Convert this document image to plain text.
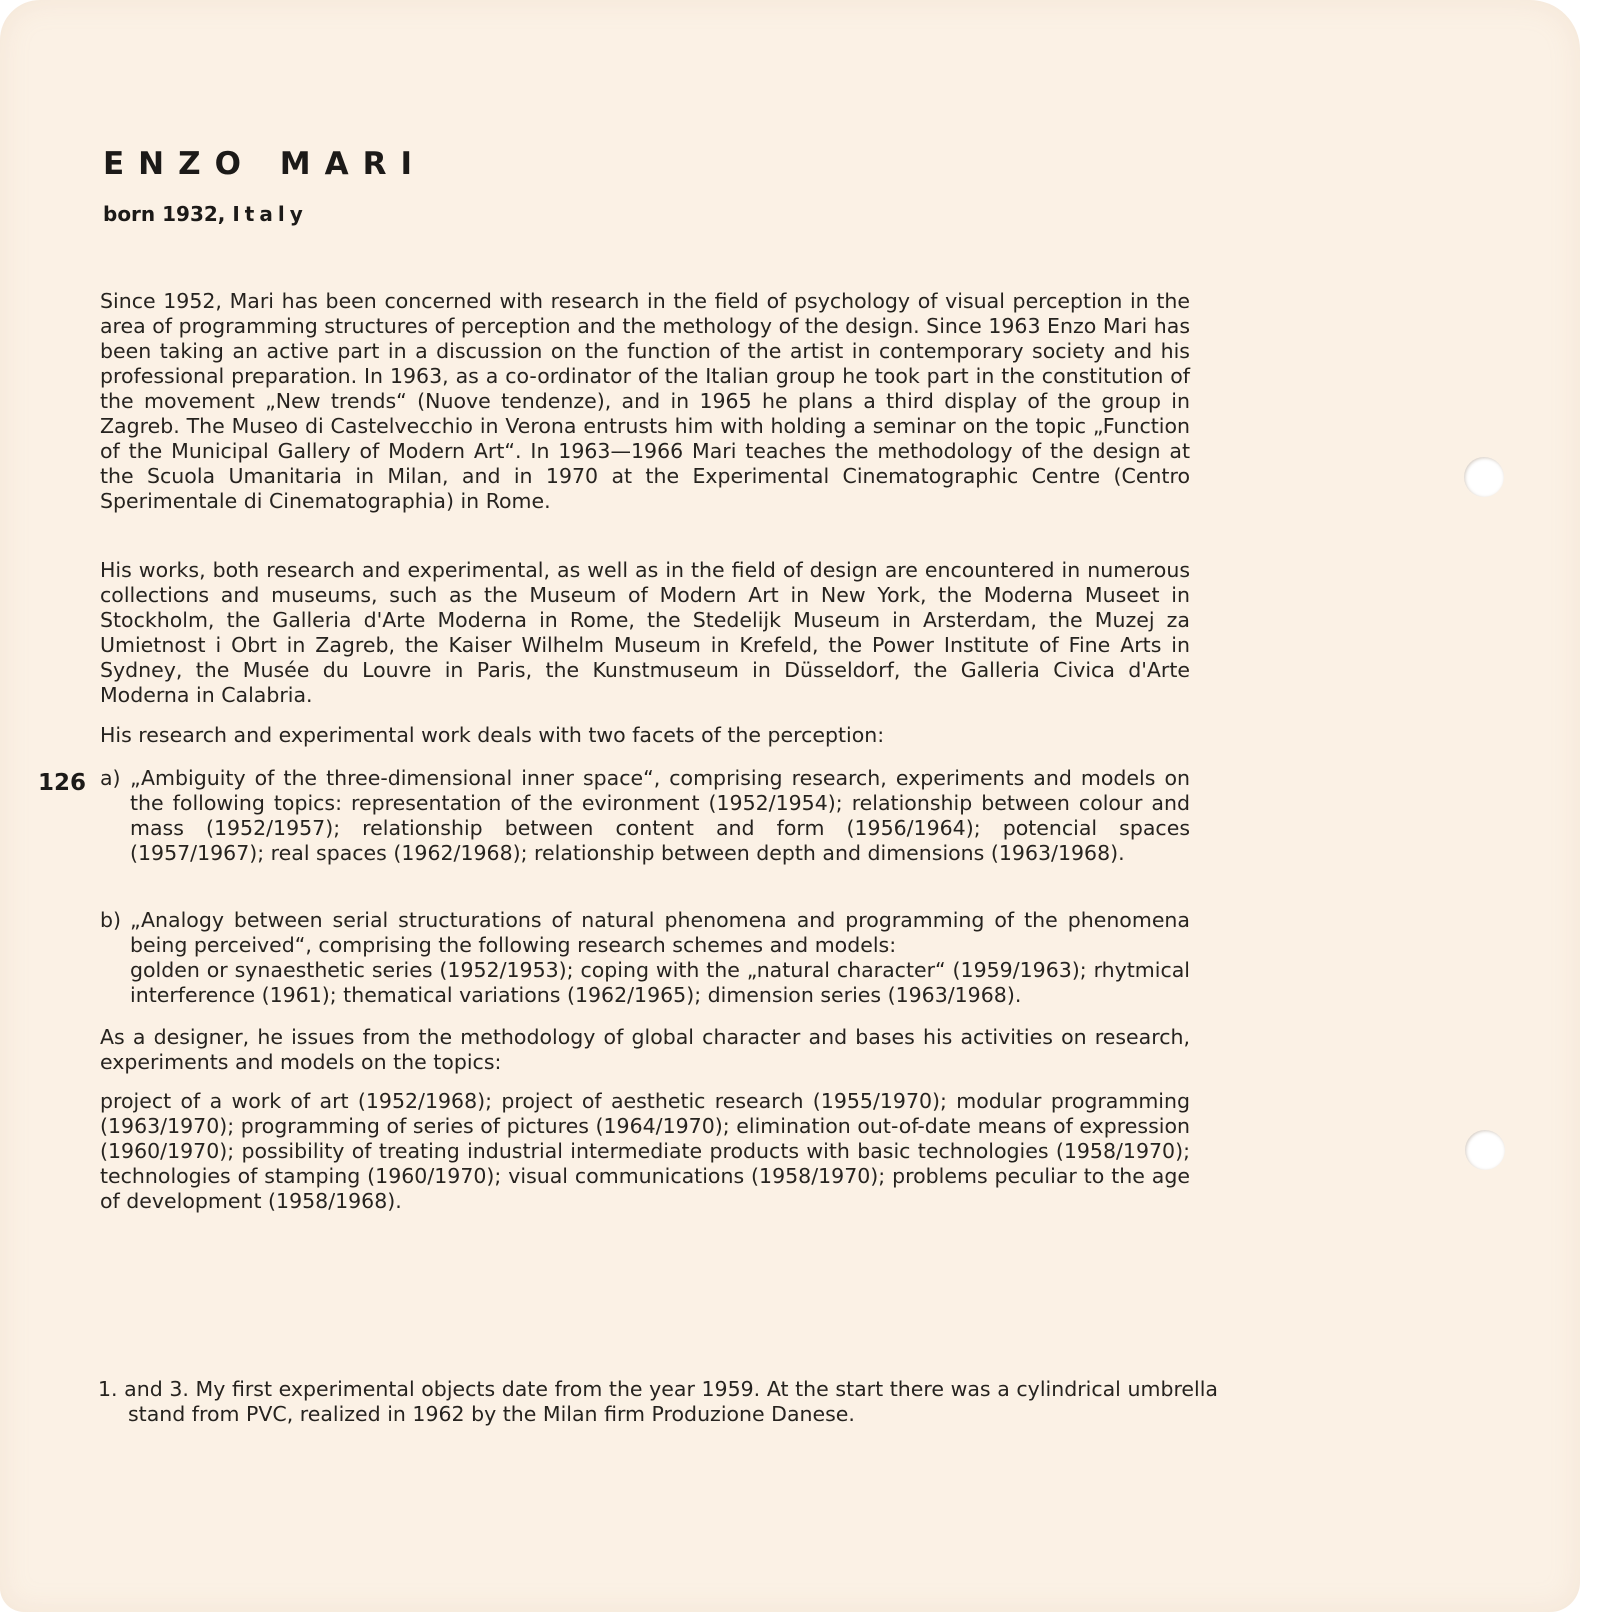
ENZO MARI

born 1932, Italy

Since 1952, Mari has been concerned with research in the field of psychology of visual perception in the area of programming structures of perception and the methology of the design. Since 1963 Enzo Mari has been taking an active part in a discussion on the function of the artist in contemporary society and his professional preparation. In 1963, as a co-ordinator of the Italian group he took part in the constitution of the movement „New trends“ (Nuove tendenze), and in 1965 he plans a third display of the group in Zagreb. The Museo di Castelvecchio in Verona entrusts him with holding a seminar on the topic „Function of the Municipal Gallery of Modern Art“. In 1963—1966 Mari teaches the methodology of the design at the Scuola Umanitaria in Milan, and in 1970 at the Experimental Cinematographic Centre (Centro Sperimentale di Cinematographia) in Rome.

His works, both research and experimental, as well as in the field of design are encountered in numerous collections and museums, such as the Museum of Modern Art in New York, the Moderna Museet in Stockholm, the Galleria d'Arte Moderna in Rome, the Stedelijk Museum in Arsterdam, the Muzej za Umietnost i Obrt in Zagreb, the Kaiser Wilhelm Museum in Krefeld, the Power Institute of Fine Arts in Sydney, the Musée du Louvre in Paris, the Kunstmuseum in Düsseldorf, the Galleria Civica d'Arte Moderna in Calabria.

His research and experimental work deals with two facets of the perception:

126 a) „Ambiguity of the three-dimensional inner space“, comprising research, experiments and models on the following topics: representation of the evironment (1952/1954); relationship between colour and mass (1952/1957); relationship between content and form (1956/1964); potencial spaces (1957/1967); real spaces (1962/1968); relationship between depth and dimensions (1963/1968).
b) „Analogy between serial structurations of natural phenomena and programming of the phenomena being perceived“, comprising the following research schemes and models:
golden or synaesthetic series (1952/1953); coping with the „natural character“ (1959/1963); rhytmical interference (1961); thematical variations (1962/1965); dimension series (1963/1968).

As a designer, he issues from the methodology of global character and bases his activities on research, experiments and models on the topics:

project of a work of art (1952/1968); project of aesthetic research (1955/1970); modular programming (1963/1970); programming of series of pictures (1964/1970); elimination out-of-date means of expression (1960/1970); possibility of treating industrial intermediate products with basic technologies (1958/1970); technologies of stamping (1960/1970); visual communications (1958/1970); problems peculiar to the age of development (1958/1968).

1. and 3. My first experimental objects date from the year 1959. At the start there was a cylindrical umbrella stand from PVC, realized in 1962 by the Milan firm Produzione Danese.
